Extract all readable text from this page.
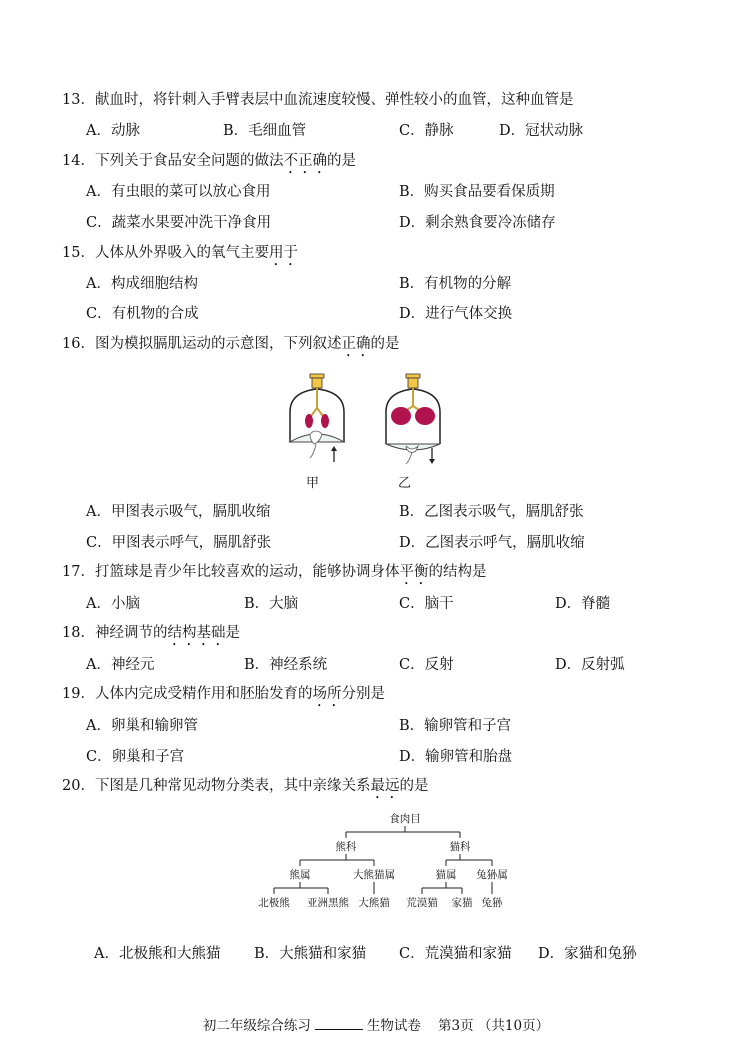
13．献血时，将针刺入手臂表层中血流速度较慢、弹性较小的血管，这种血管是
A．动脉	B．毛细血管	C．静脉	D．冠状动脉
14．下列关于食品安全问题的做法不正确的是
A．有虫眼的菜可以放心食用	B．购买食品要看保质期
C．蔬菜水果要冲洗干净食用	D．剩余熟食要冷冻储存
15．人体从外界吸入的氧气主要用于
A．构成细胞结构	B．有机物的分解
C．有机物的合成	D．进行气体交换
16．图为模拟膈肌运动的示意图，下列叙述正确的是
甲	乙
A．甲图表示吸气，膈肌收缩	B．乙图表示吸气，膈肌舒张
C．甲图表示呼气，膈肌舒张	D．乙图表示呼气，膈肌收缩
17．打篮球是青少年比较喜欢的运动，能够协调身体平衡的结构是
A．小脑	B．大脑	C．脑干	D．脊髓
18．神经调节的结构基础是
A．神经元	B．神经系统	C．反射	D．反射弧
19．人体内完成受精作用和胚胎发育的场所分别是
A．卵巢和输卵管	B．输卵管和子宫
C．卵巢和子宫	D．输卵管和胎盘
20．下图是几种常见动物分类表，其中亲缘关系最远的是
食肉目
熊科	猫科
熊属	大熊猫属	猫属 兔狲属
北极熊 亚洲黑熊 大熊猫 荒漠猫 家猫 兔狲
A．北极熊和大熊猫 B．大熊猫和家猫 C．荒漠猫和家猫 D．家猫和兔狲
初二年级综合练习	生物试卷    第3页 （共10页）
